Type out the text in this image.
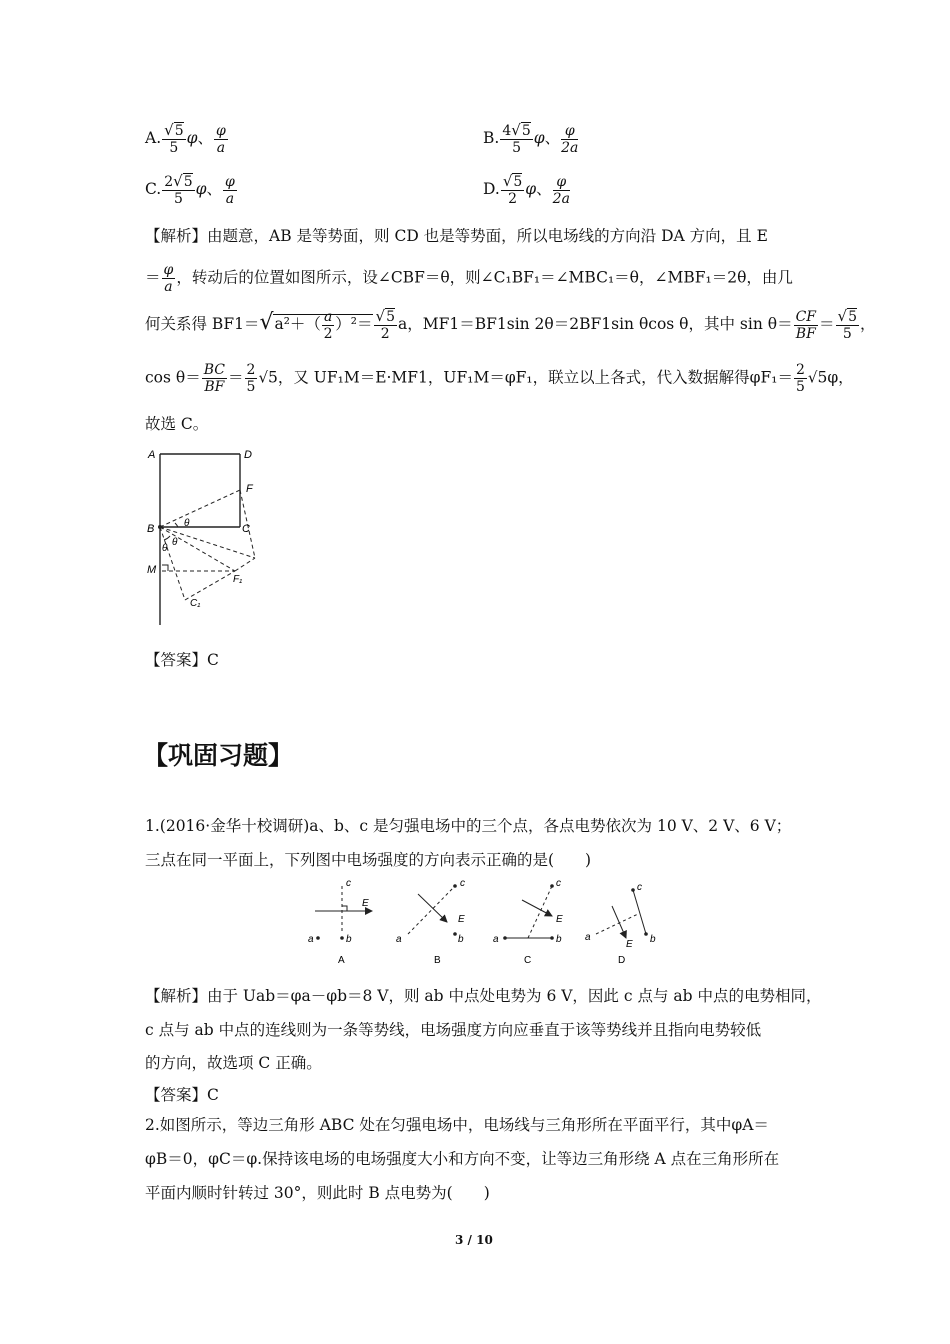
A. $\frac{√5}{5}$ φ、 $\frac{\varphi}{a}$	B. $\frac{4√5}{5}$ φ、 $\frac{\varphi}{2a}$
C. $\frac{2√5}{5}$ φ、 $\frac{\varphi}{a}$	D. $\frac{√5}{2}$ φ、 $\frac{\varphi}{2a}$
【解析】由题意，AB 是等势面，则 CD 也是等势面，所以电场线的方向沿 DA 方向，且 E
＝ $\frac{\varphi}{a}$，转动后的位置如图所示，设∠CBF＝θ，则∠C₁BF₁＝∠MBC₁＝θ，∠MBF₁＝2θ，由几
何关系得 $BF1=√a^2+( \frac{a}{2} )^2= \frac{√5}{2}$ a，MF1＝BF1sin 2θ＝2BF1sin θcos θ，其中 $\sin \theta= \frac{CF}{BF}= \frac{√5}{5}$ ，
$\cos \theta= \frac{BC}{BF}= \frac{2}{5} √5$，又 UF₁M＝E·MF1，UF₁M＝φF₁，联立以上各式，代入数据解得$\varphi F_1= \frac{2}{5} √5\varphi$，
故选 C。
A	D
F
B	C
M
F₁
C₁
θ
θ
θ
【答案】C
【巩固习题】
1.(2016·金华十校调研)a、b、c 是匀强电场中的三个点，各点电势依次为 10 V、2 V、6 V；
三点在同一平面上，下列图中电场强度的方向表示正确的是(　　)
c
E
a	b
A
c
E
a	b
B
c
E
a	b
C
c
E
a	b
D
【解析】由于 Uab＝φa－φb＝8 V，则 ab 中点处电势为 6 V，因此 c 点与 ab 中点的电势相同，
c 点与 ab 中点的连线则为一条等势线，电场强度方向应垂直于该等势线并且指向电势较低
的方向，故选项 C 正确。
【答案】C
2.如图所示，等边三角形 ABC 处在匀强电场中，电场线与三角形所在平面平行，其中φA＝
φB＝0，φC＝φ.保持该电场的电场强度大小和方向不变，让等边三角形绕 A 点在三角形所在
平面内顺时针转过 30°，则此时 B 点电势为(　　)
3 / 10
